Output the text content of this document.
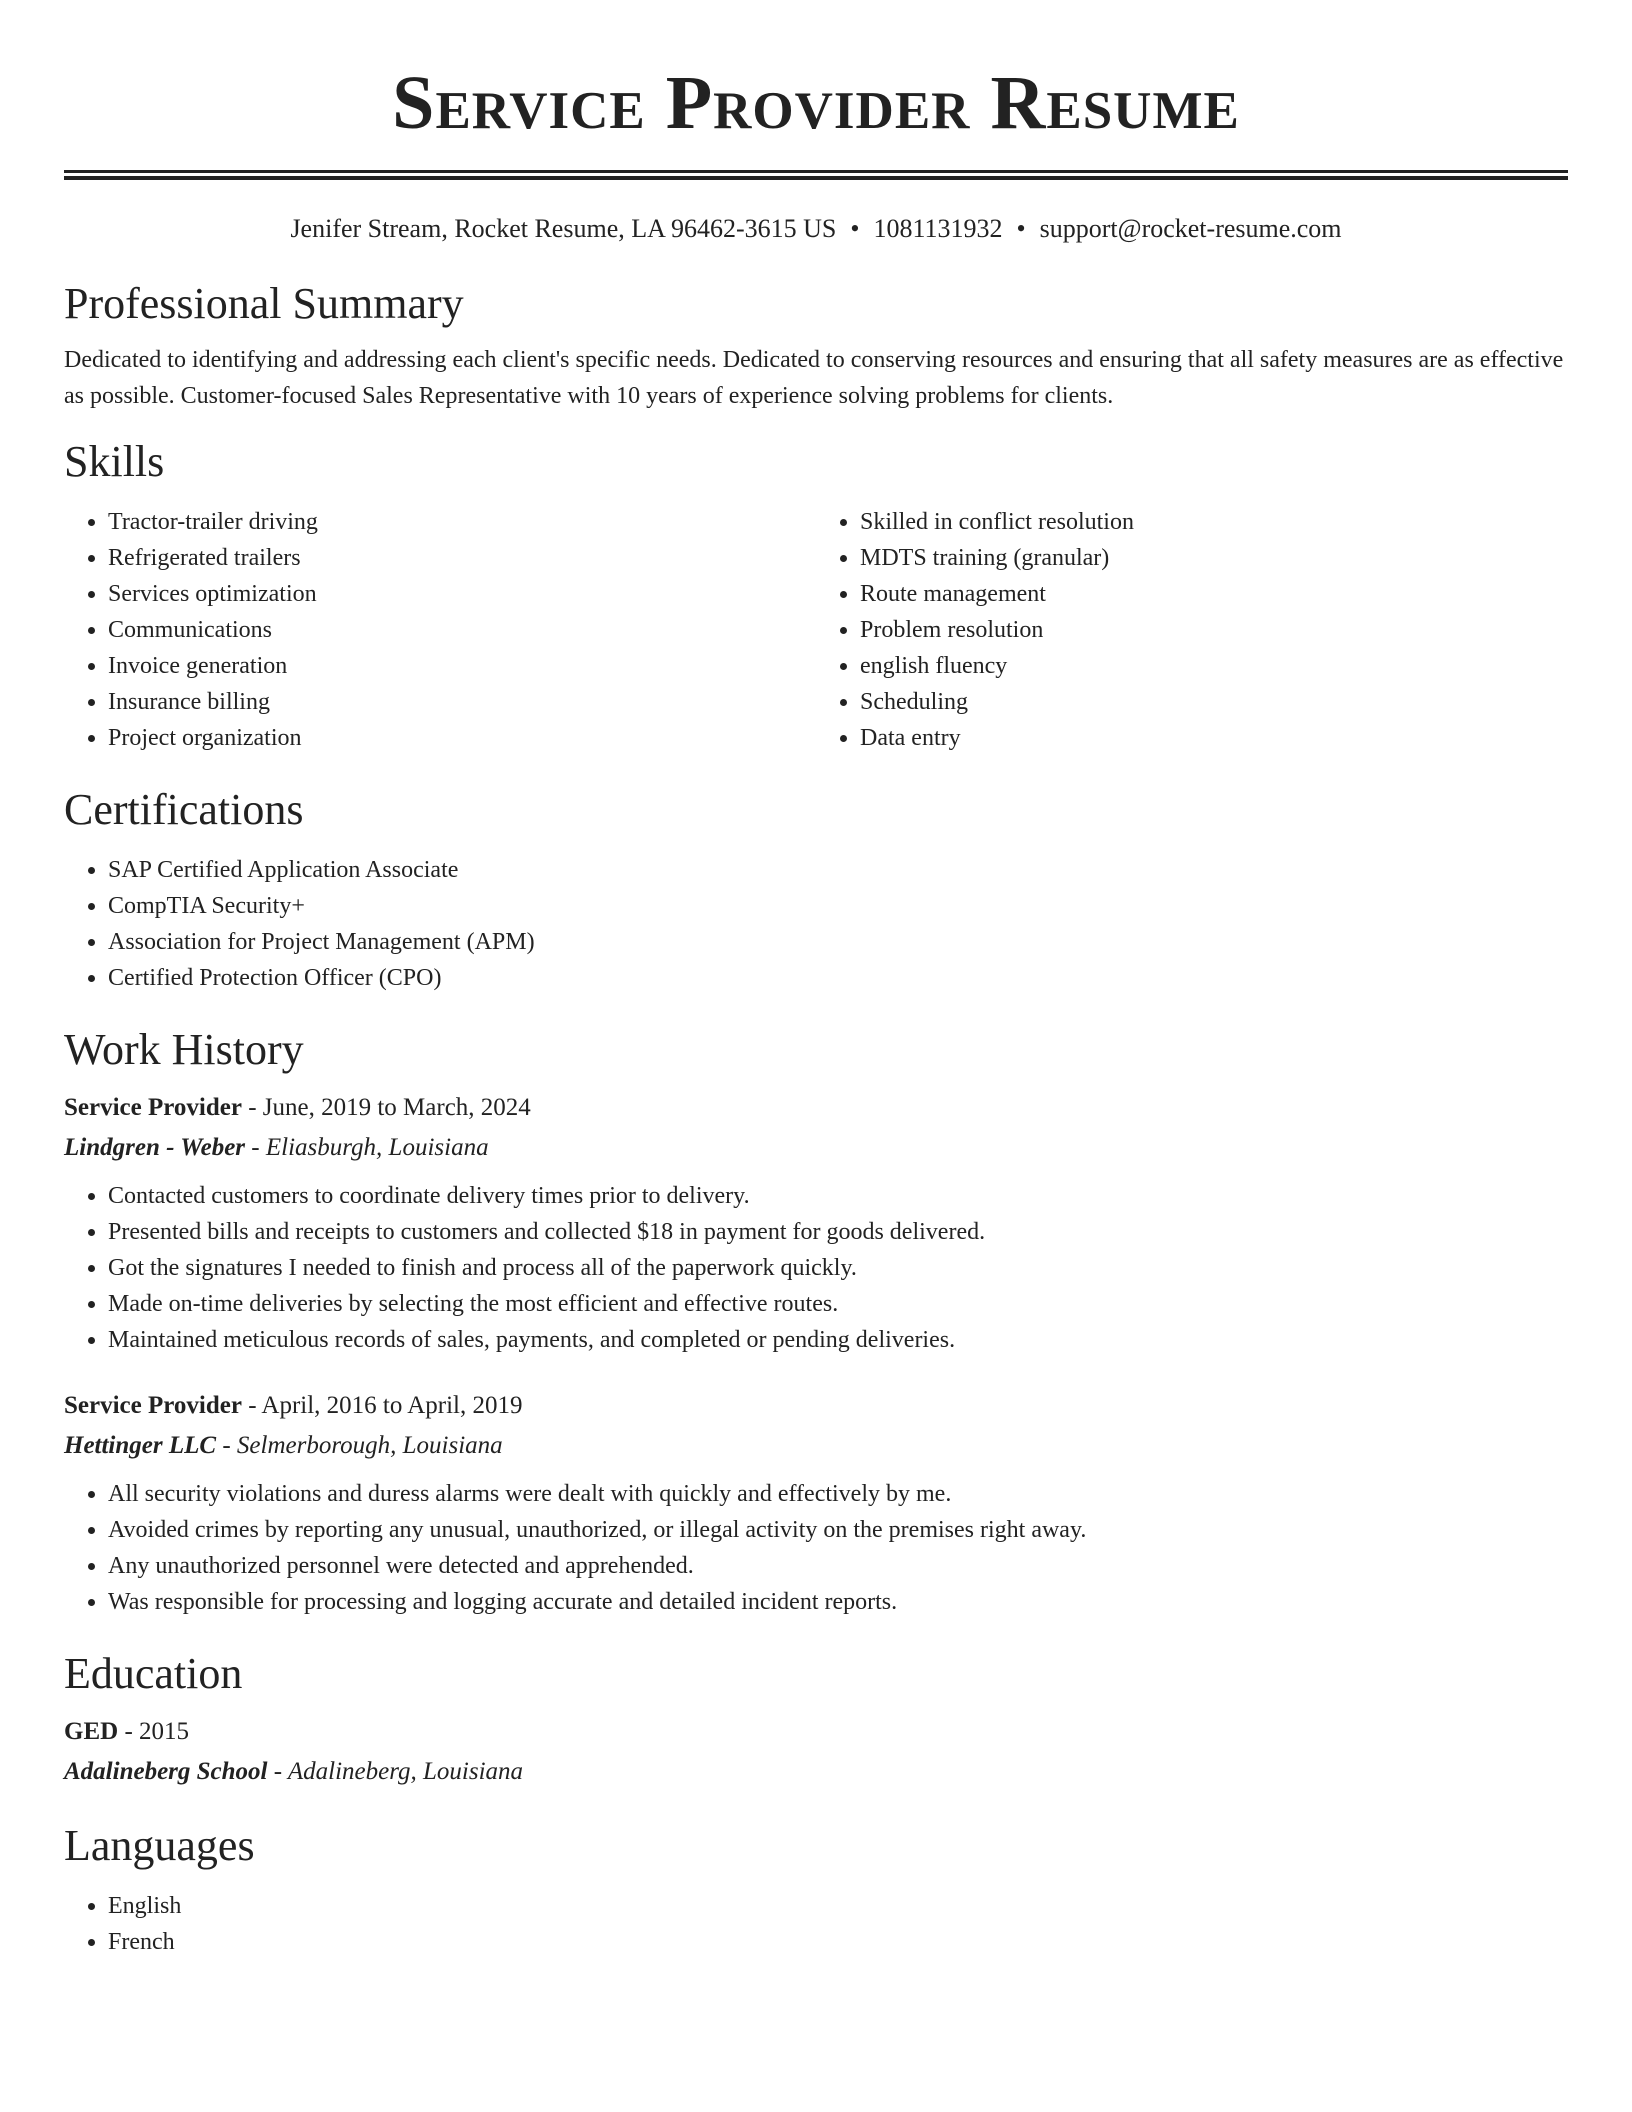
Service Provider Resume
Jenifer Stream, Rocket Resume, LA 96462-3615 US • 1081131932 • support@rocket-resume.com
Professional Summary

Dedicated to identifying and addressing each client's specific needs. Dedicated to conserving resources and ensuring that all safety measures are as effective as possible. Customer-focused Sales Representative with 10 years of experience solving problems for clients.

Skills
• Tractor-trailer driving
• Refrigerated trailers
• Services optimization
• Communications
• Invoice generation
• Insurance billing
• Project organization
• Skilled in conflict resolution
• MDTS training (granular)
• Route management
• Problem resolution
• english fluency
• Scheduling
• Data entry
Certifications
• SAP Certified Application Associate
• CompTIA Security+
• Association for Project Management (APM)
• Certified Protection Officer (CPO)
Work History
Service Provider - June, 2019 to March, 2024
Lindgren - Weber - Eliasburgh, Louisiana
• Contacted customers to coordinate delivery times prior to delivery.
• Presented bills and receipts to customers and collected $18 in payment for goods delivered.
• Got the signatures I needed to finish and process all of the paperwork quickly.
• Made on-time deliveries by selecting the most efficient and effective routes.
• Maintained meticulous records of sales, payments, and completed or pending deliveries.
Service Provider - April, 2016 to April, 2019
Hettinger LLC - Selmerborough, Louisiana
• All security violations and duress alarms were dealt with quickly and effectively by me.
• Avoided crimes by reporting any unusual, unauthorized, or illegal activity on the premises right away.
• Any unauthorized personnel were detected and apprehended.
• Was responsible for processing and logging accurate and detailed incident reports.
Education
GED - 2015
Adalineberg School - Adalineberg, Louisiana
Languages
• English
• French
